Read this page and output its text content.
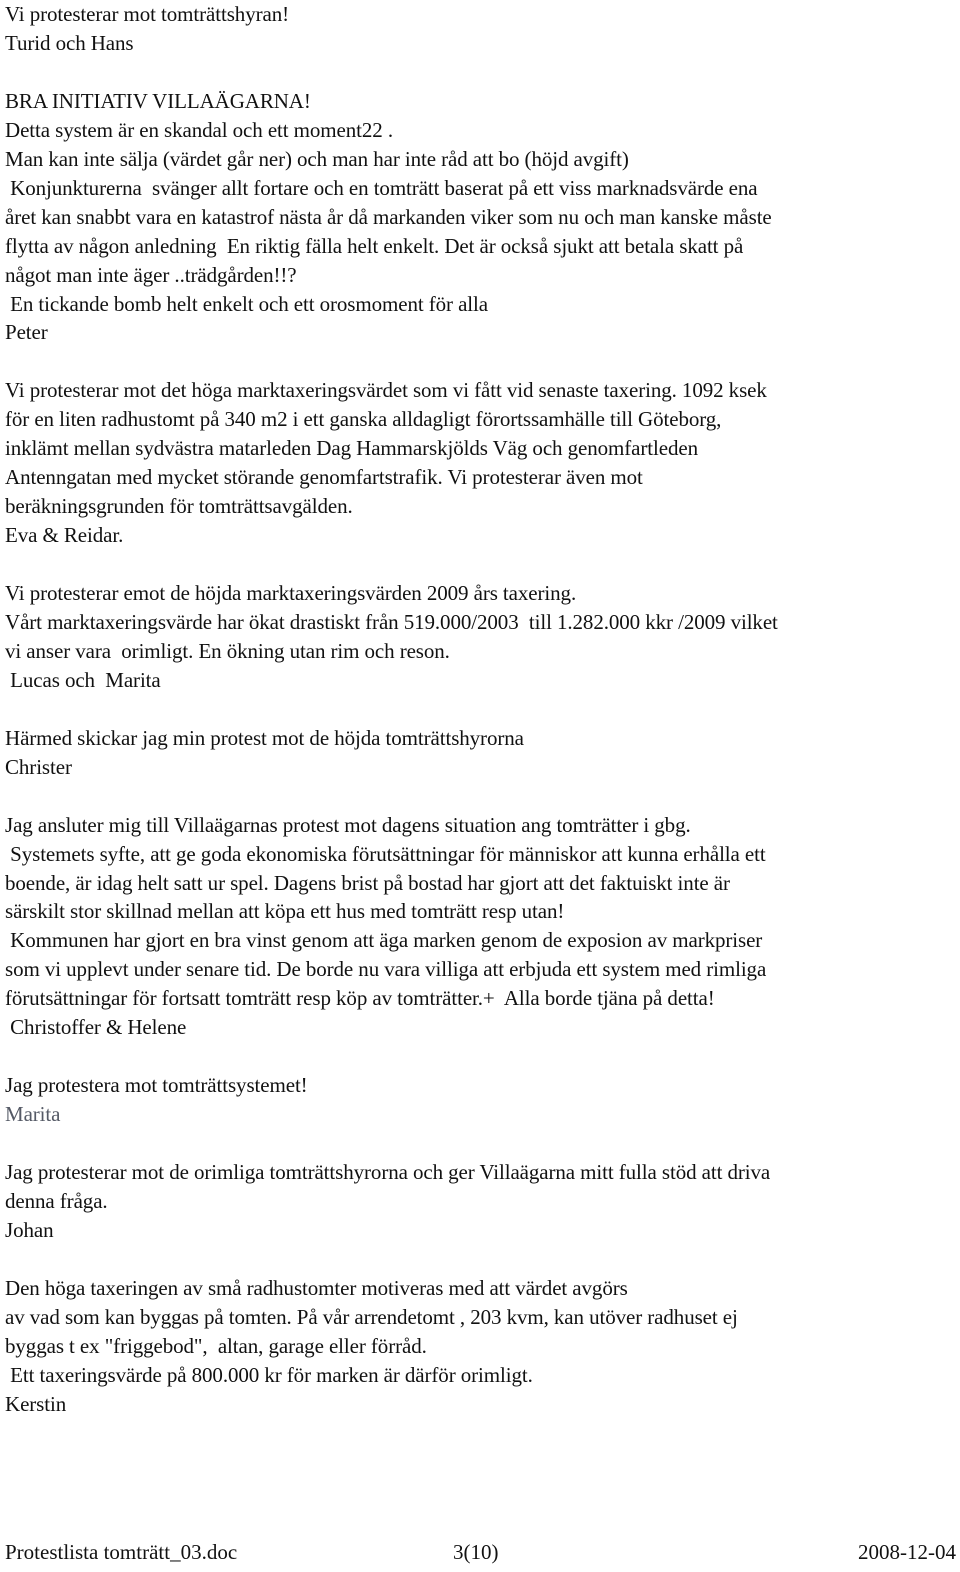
Vi protesterar mot tomträttshyran!
Turid och Hans
BRA INITIATIV VILLAÄGARNA!
Detta system är en skandal och ett moment22 .
Man kan inte sälja (värdet går ner) och man har inte råd att bo (höjd avgift)
Konjunkturerna  svänger allt fortare och en tomträtt baserat på ett viss marknadsvärde ena
året kan snabbt vara en katastrof nästa år då markanden viker som nu och man kanske måste
flytta av någon anledning  En riktig fälla helt enkelt. Det är också sjukt att betala skatt på
något man inte äger ..trädgården!!?
En tickande bomb helt enkelt och ett orosmoment för alla
Peter
Vi protesterar mot det höga marktaxeringsvärdet som vi fått vid senaste taxering. 1092 ksek
för en liten radhustomt på 340 m2 i ett ganska alldagligt förortssamhälle till Göteborg,
inklämt mellan sydvästra matarleden Dag Hammarskjölds Väg och genomfartleden
Antenngatan med mycket störande genomfartstrafik. Vi protesterar även mot
beräkningsgrunden för tomträttsavgälden.
Eva & Reidar.
Vi protesterar emot de höjda marktaxeringsvärden 2009 års taxering.
Vårt marktaxeringsvärde har ökat drastiskt från 519.000/2003  till 1.282.000 kkr /2009 vilket
vi anser vara  orimligt. En ökning utan rim och reson.
Lucas och  Marita
Härmed skickar jag min protest mot de höjda tomträttshyrorna
Christer
Jag ansluter mig till Villaägarnas protest mot dagens situation ang tomträtter i gbg.
Systemets syfte, att ge goda ekonomiska förutsättningar för människor att kunna erhålla ett
boende, är idag helt satt ur spel. Dagens brist på bostad har gjort att det faktuiskt inte är
särskilt stor skillnad mellan att köpa ett hus med tomträtt resp utan!
Kommunen har gjort en bra vinst genom att äga marken genom de exposion av markpriser
som vi upplevt under senare tid. De borde nu vara villiga att erbjuda ett system med rimliga
förutsättningar för fortsatt tomträtt resp köp av tomträtter.+  Alla borde tjäna på detta!
Christoffer & Helene
Jag protestera mot tomträttsystemet!
Marita
Jag protesterar mot de orimliga tomträttshyrorna och ger Villaägarna mitt fulla stöd att driva
denna fråga.
Johan
Den höga taxeringen av små radhustomter motiveras med att värdet avgörs
av vad som kan byggas på tomten. På vår arrendetomt , 203 kvm, kan utöver radhuset ej
byggas t ex "friggebod",  altan, garage eller förråd.
Ett taxeringsvärde på 800.000 kr för marken är därför orimligt.
Kerstin
Protestlista tomträtt_03.doc	3(10)	2008-12-04
